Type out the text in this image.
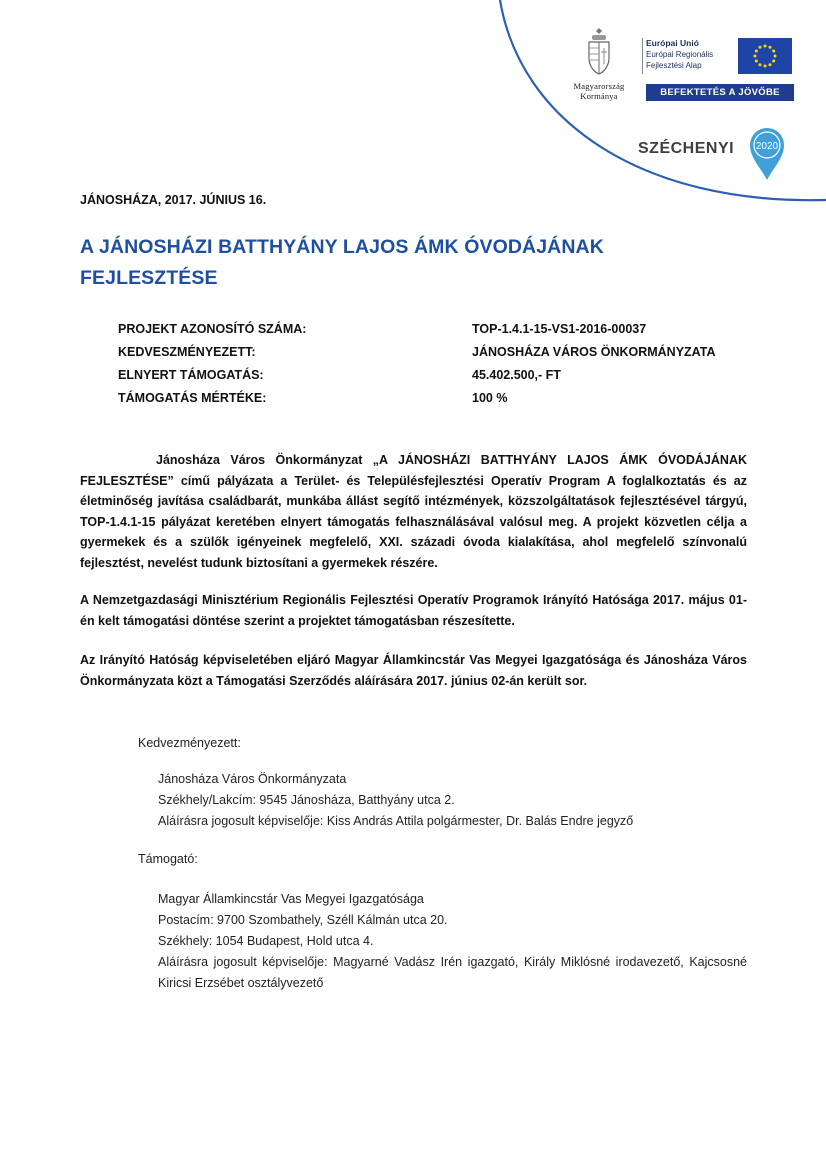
Magyarország
Kormánya
Európai Unió
Európai Regionális
Fejlesztési Alap
BEFEKTETÉS A JÖVŐBE
SZÉCHENYI 2020
JÁNOSHÁZA, 2017. JÚNIUS 16.
A JÁNOSHÁZI BATTHYÁNY LAJOS ÁMK ÓVODÁJÁNAK
FEJLESZTÉSE
PROJEKT AZONOSÍTÓ SZÁMA:	TOP-1.4.1-15-VS1-2016-00037
KEDVESZMÉNYEZETT:	JÁNOSHÁZA VÁROS ÖNKORMÁNYZATA
ELNYERT TÁMOGATÁS:	45.402.500,- FT
TÁMOGATÁS MÉRTÉKE:	100 %
Jánosháza Város Önkormányzat „A JÁNOSHÁZI BATTHYÁNY LAJOS ÁMK ÓVODÁJÁNAK FEJLESZTÉSE” című pályázata a Terület- és Településfejlesztési Operatív Program A foglalkoztatás és az életminőség javítása családbarát, munkába állást segítő intézmények, közszolgáltatások fejlesztésével tárgyú, TOP-1.4.1-15 pályázat keretében elnyert támogatás felhasználásával valósul meg. A projekt közvetlen célja a gyermekek és a szülők igényeinek megfelelő, XXI. századi óvoda kialakítása, ahol megfelelő színvonalú fejlesztést, nevelést tudunk biztosítani a gyermekek részére.
A Nemzetgazdasági Minisztérium Regionális Fejlesztési Operatív Programok Irányító Hatósága 2017. május 01-én kelt támogatási döntése szerint a projektet támogatásban részesítette.
Az Irányító Hatóság képviseletében eljáró Magyar Államkincstár Vas Megyei Igazgatósága és Jánosháza Város Önkormányzata közt a Támogatási Szerződés aláírására 2017. június 02-án került sor.
Kedvezményezett:
Jánosháza Város Önkormányzata
Székhely/Lakcím: 9545 Jánosháza, Batthyány utca 2.
Aláírásra jogosult képviselője: Kiss András Attila polgármester, Dr. Balás Endre jegyző
Támogató:
Magyar Államkincstár Vas Megyei Igazgatósága
Postacím: 9700 Szombathely, Széll Kálmán utca 20.
Székhely: 1054 Budapest, Hold utca 4.
Aláírásra jogosult képviselője: Magyarné Vadász Irén igazgató, Király Miklósné irodavezető, Kajcsosné Kiricsi Erzsébet osztályvezető
